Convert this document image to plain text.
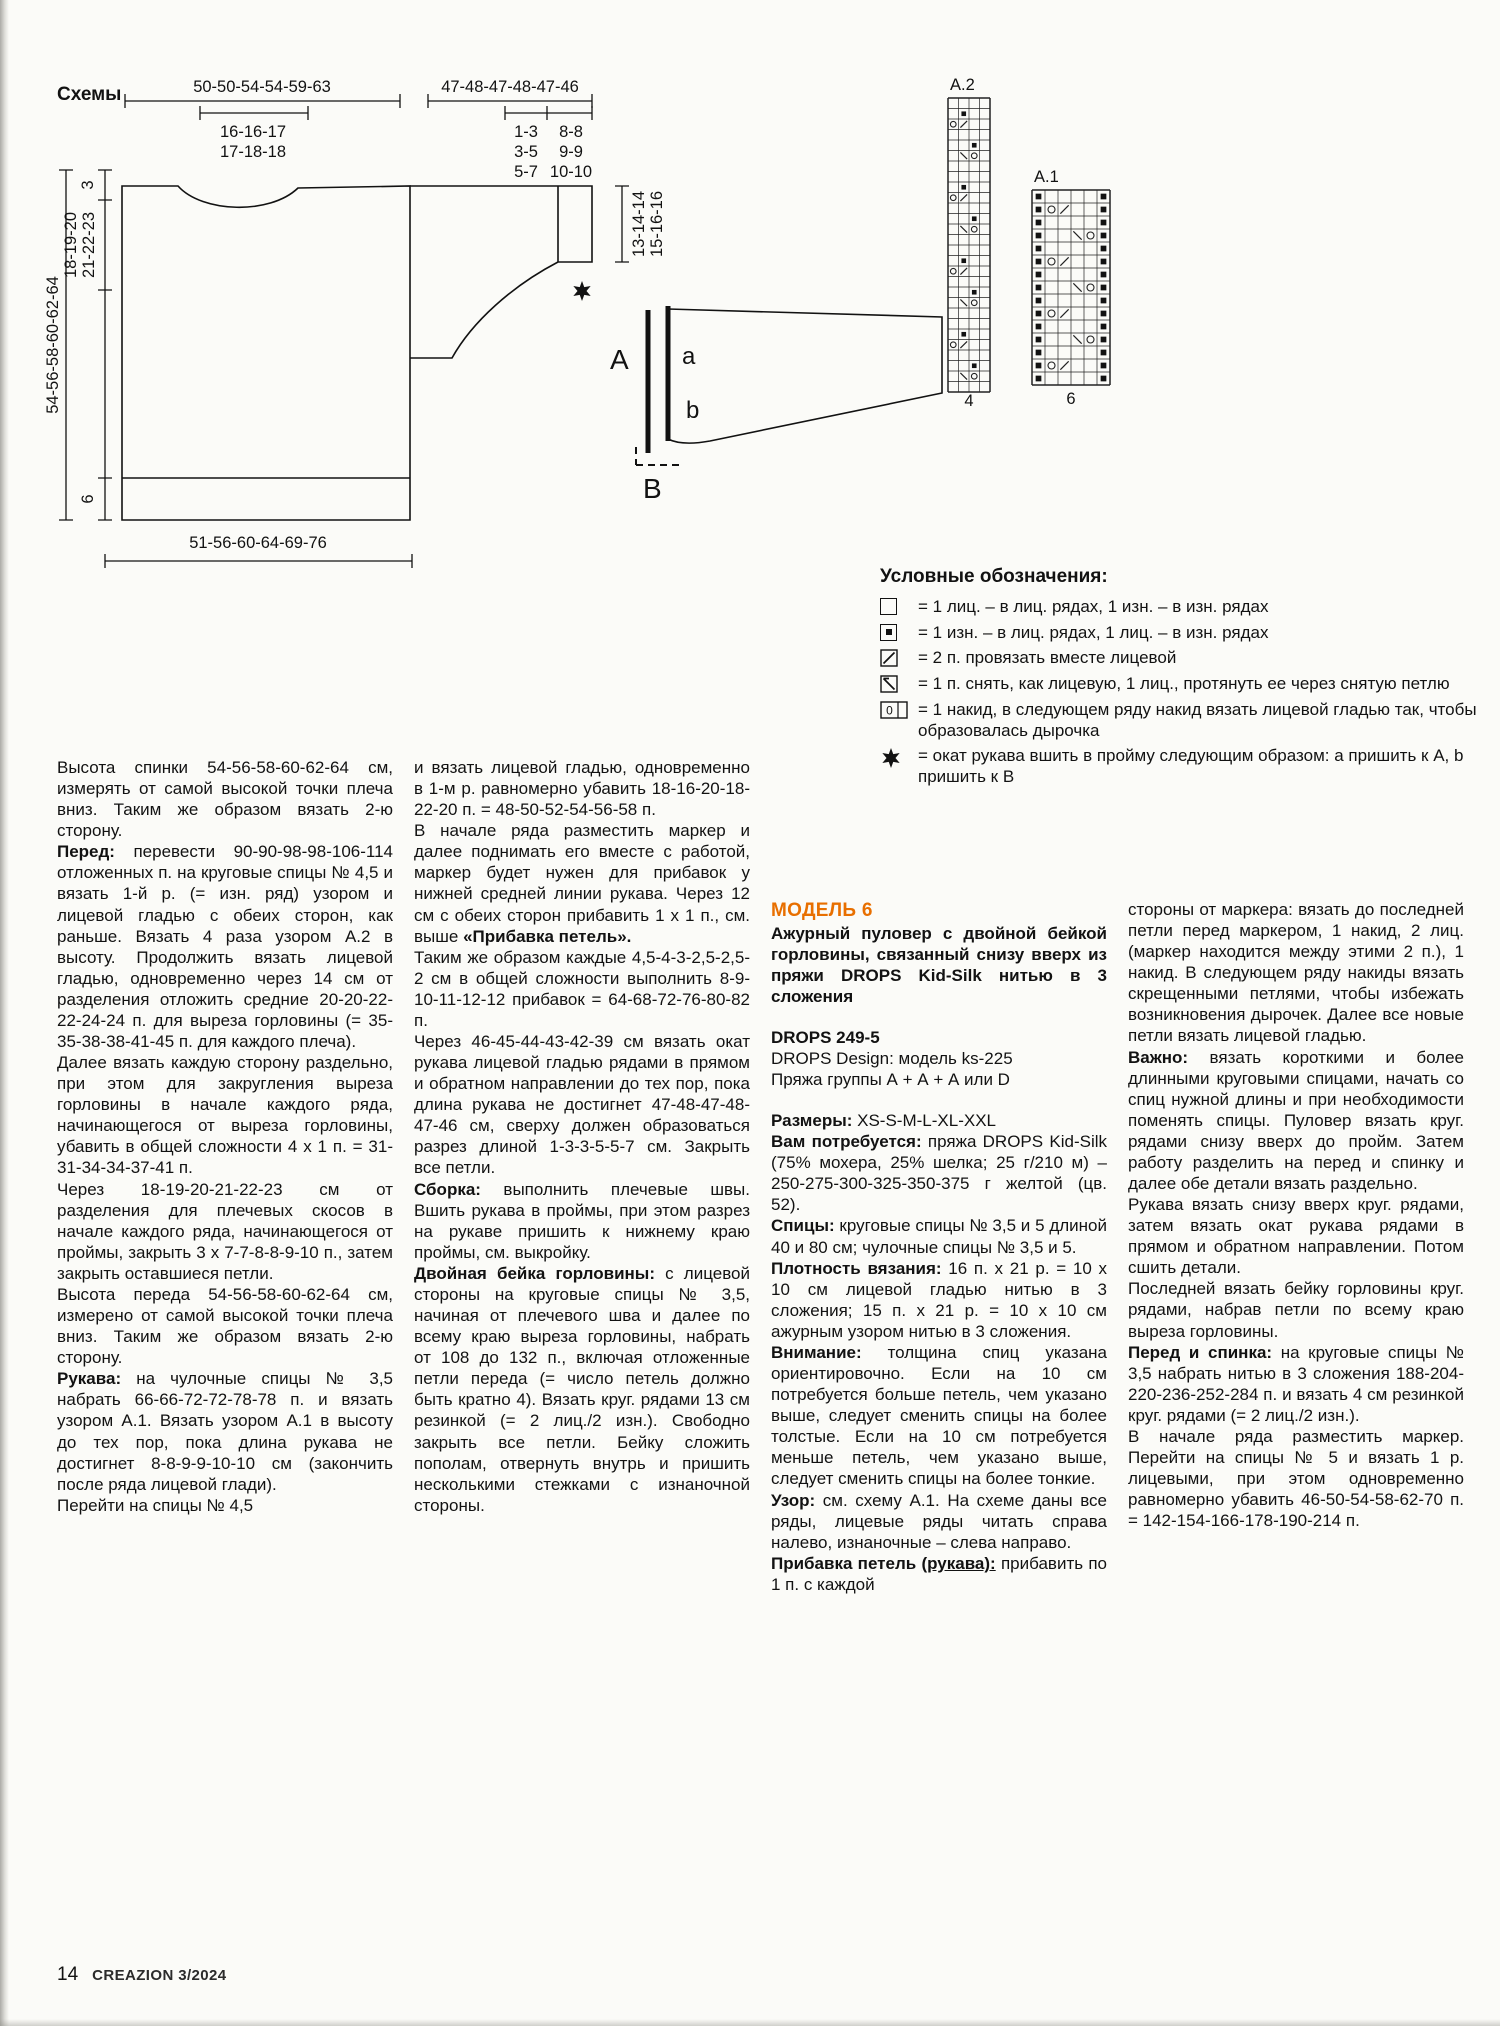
Схемы	50-50-54-54-59-63
16-16-17
17-18-18
47-48-47-48-47-46
1-3
3-5
5-7
8-8
9-9
10-10
54-56-58-60-62-64
3
18-19-20 21-22-23
6
51-56-60-64-69-76
13-14-14 15-16-16
A a
b
B
A.2
4
A.1
6
Условные обозначения:
= 1 лиц. – в лиц. рядах, 1 изн. – в изн. рядах
= 1 изн. – в лиц. рядах, 1 лиц. – в изн. рядах
= 2 п. провязать вместе лицевой
= 1 п. снять, как лицевую, 1 лиц., протянуть ее через снятую петлю
0 = 1 накид, в следующем ряду накид вязать лицевой гладью так, чтобы образовалась дырочка
= окат рукава вшить в пройму следующим образом: a пришить к A, b пришить к B

Высота спинки 54-56-58-60-62-64 см, измерять от самой высокой точки плеча вниз. Таким же образом вязать 2-ю сторону.

Перед: перевести 90-90-98-98-106-114 отложенных п. на круговые спицы № 4,5 и вязать 1-й р. (= изн. ряд) узором и лицевой гладью с обеих сторон, как раньше. Вязать 4 раза узором А.2 в высоту. Продолжить вязать лицевой гладью, одновременно через 14 см от разделения отложить средние 20-20-22-22-24-24 п. для выреза горловины (= 35-35-38-38-41-45 п. для каждого плеча).

Далее вязать каждую сторону раздельно, при этом для закругления выреза горловины в начале каждого ряда, начинающегося от выреза горловины, убавить в общей сложности 4 х 1 п. = 31-31-34-34-37-41 п.

Через 18-19-20-21-22-23 см от разделения для плечевых скосов в начале каждого ряда, начинающегося от проймы, закрыть 3 х 7-7-8-8-9-10 п., затем закрыть оставшиеся петли.

Высота переда 54-56-58-60-62-64 см, измерено от самой высокой точки плеча вниз. Таким же образом вязать 2-ю сторону.

Рукава: на чулочные спицы № 3,5 набрать 66-66-72-72-78-78 п. и вязать узором А.1. Вязать узором А.1 в высоту до тех пор, пока длина рукава не достигнет 8-8-9-9-10-10 см (закончить после ряда лицевой глади).

Перейти на спицы № 4,5

и вязать лицевой гладью, одновременно в 1-м р. равномерно убавить 18-16-20-18-22-20 п. = 48-50-52-54-56-58 п.

В начале ряда разместить маркер и далее поднимать его вместе с работой, маркер будет нужен для прибавок у нижней средней линии рукава. Через 12 см с обеих сторон прибавить 1 х 1 п., см. выше «Прибавка петель».

Таким же образом каждые 4,5-4-3-2,5-2,5-2 см в общей сложности выполнить 8-9-10-11-12-12 прибавок = 64-68-72-76-80-82 п.

Через 46-45-44-43-42-39 см вязать окат рукава лицевой гладью рядами в прямом и обратном направлении до тех пор, пока длина рукава не достигнет 47-48-47-48-47-46 см, сверху должен образоваться разрез длиной 1-3-3-5-5-7 см. Закрыть все петли.

Сборка: выполнить плечевые швы. Вшить рукава в проймы, при этом разрез на рукаве пришить к нижнему краю проймы, см. выкройку.

Двойная бейка горловины: с лицевой стороны на круговые спицы № 3,5, начиная от плечевого шва и далее по всему краю выреза горловины, набрать от 108 до 132 п., включая отложенные петли переда (= число петель должно быть кратно 4). Вязать круг. рядами 13 см резинкой (= 2 лиц./2 изн.). Свободно закрыть все петли. Бейку сложить пополам, отвернуть внутрь и пришить несколькими стежками с изнаночной стороны.

МОДЕЛЬ 6

Ажурный пуловер с двойной бейкой горловины, связанный снизу вверх из пряжи DROPS Kid-Silk нитью в 3 сложения

DROPS 249-5

DROPS Design: модель ks-225

Пряжа группы А + А + А или D

Размеры: XS-S-M-L-XL-XXL

Вам потребуется: пряжа DROPS Kid-Silk (75% мохера, 25% шелка; 25 г/210 м) – 250-275-300-325-350-375 г желтой (цв. 52).

Спицы: круговые спицы № 3,5 и 5 длиной 40 и 80 см; чулочные спицы № 3,5 и 5.

Плотность вязания: 16 п. х 21 р. = 10 х 10 см лицевой гладью нитью в 3 сложения; 15 п. х 21 р. = 10 х 10 см ажурным узором нитью в 3 сложения.

Внимание: толщина спиц указана ориентировочно. Если на 10 см потребуется больше петель, чем указано выше, следует сменить спицы на более толстые. Если на 10 см потребуется меньше петель, чем указано выше, следует сменить спицы на более тонкие.

Узор: см. схему А.1. На схеме даны все ряды, лицевые ряды читать справа налево, изнаночные – слева направо.

Прибавка петель (рукава): прибавить по 1 п. с каждой

стороны от маркера: вязать до последней петли перед маркером, 1 накид, 2 лиц. (маркер находится между этими 2 п.), 1 накид. В следующем ряду накиды вязать скрещенными петлями, чтобы избежать возникновения дырочек. Далее все новые петли вязать лицевой гладью.

Важно: вязать короткими и более длинными круговыми спицами, начать со спиц нужной длины и при необходимости поменять спицы. Пуловер вязать круг. рядами снизу вверх до пройм. Затем работу разделить на перед и спинку и далее обе детали вязать раздельно.

Рукава вязать снизу вверх круг. рядами, затем вязать окат рукава рядами в прямом и обратном направлении. Потом сшить детали.

Последней вязать бейку горловины круг. рядами, набрав петли по всему краю выреза горловины.

Перед и спинка: на круговые спицы № 3,5 набрать нитью в 3 сложения 188-204-220-236-252-284 п. и вязать 4 см резинкой круг. рядами (= 2 лиц./2 изн.).

В начале ряда разместить маркер. Перейти на спицы № 5 и вязать 1 р. лицевыми, при этом одновременно равномерно убавить 46-50-54-58-62-70 п. = 142-154-166-178-190-214 п.

14 CREAZION 3/2024
